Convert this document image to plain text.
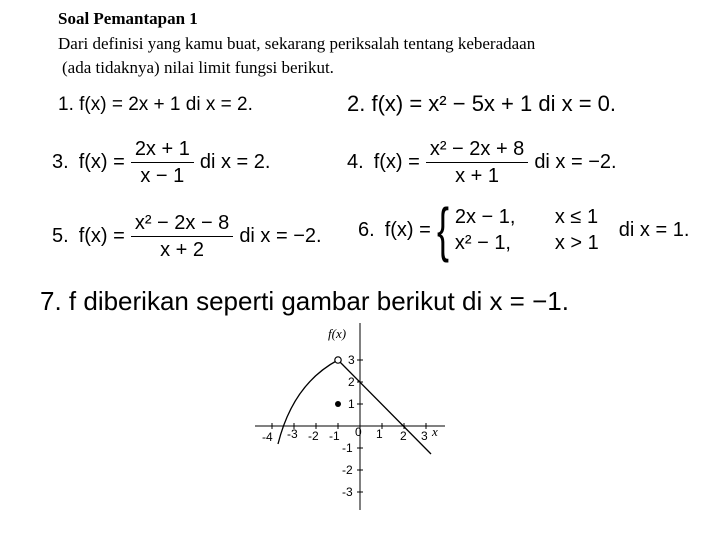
Soal Pemantapan 1
Dari definisi yang kamu buat, sekarang periksalah tentang keberadaan
(ada tidaknya) nilai limit fungsi berikut.
1. f(x) = 2x + 1 di x = 2.	2. f(x) = x² − 5x + 1 di x = 0.
3. $f(x) = \frac{2x + 1}{x - 1}$ di x = 2.	4. $f(x) = \frac{\text{x² − 2x + 8}}{x + 1}$ di x = −2.
5. $f(x) = \frac{\text{x² − 2x − 8}}{x + 2}$ di x = −2. 6. f(x) = { 2x − 1,	x ≤ 1
x² − 1,	x > 1
di x = 1.
7. f diberikan seperti gambar berikut di x = −1.
f(x)
x
-4 -3 -2 -1 0 1 2 3
3
2
1
-1
-2
-3
